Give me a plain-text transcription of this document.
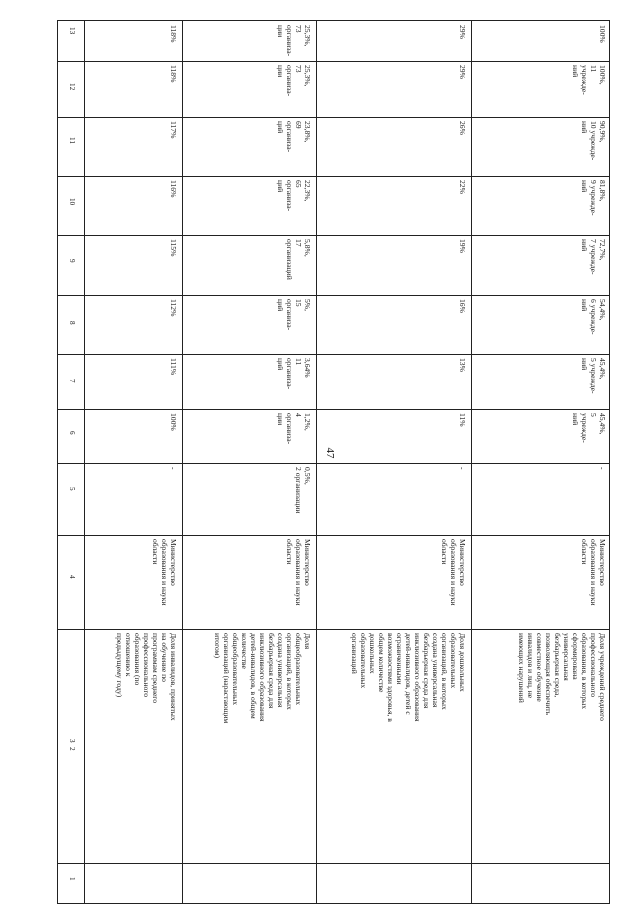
47
1
3
4
5
6
7
8
9
10
11
12
Доля инвалидов, принятых
на обучение по
программам среднего
профессионального
образования (по
отношению к
предыдущему году)
Министерство
образования и науки
области
-
100%
111%
112%
115%
116%
117%
118%
118%
Доля
общеобразовательных
организаций, в которых
создана универсальная
безбарьерная среда для
инклюзивного образования
детей-инвалидов, в общем
количестве
общеобразовательных
организаций (нарастающим
итогом)
Министерство
образования и науки
области
0,5%,
2 организации
1,2%,
4
организа-
ции
3,64%
11
организа-
ций
5%,
15
организа-
ций
5,8%,
17
организаций
22,3%,
65
организа-
ций
23,8%,
69
организа-
ций
25,3%,
73
организа-
ции
25,3%,
73
организа-
ции
Доля дошкольных
образовательных
организаций, в которых
создана универсальная
безбарьерная среда для
инклюзивного образования
детей-инвалидов, детей с
ограниченными
возможностями здоровья, в
общем количестве
дошкольных
образовательных
организаций
Министерство
образования и науки
области
-
11%
13%
16%
19%
22%
26%
29%
29%
Доля учреждений среднего
профессионального
образования, в которых
сформирована
универсальная
безбарьерная среда,
позволяющая обеспечить
совместное обучение
инвалидов и лиц, не
имеющих нарушений
Министерство
образования и науки
области
-
45,4%,
5
учрежде-
ний
45,4%,
5 учрежде-
ний
54,4%,
6 учрежде-
ний
72,7%,
7 учрежде-
ний
81,8%,
9 учрежде-
ний
90,9%,
10 учрежде-
ний
100%,
11
учрежде-
ний
100%
13
2
